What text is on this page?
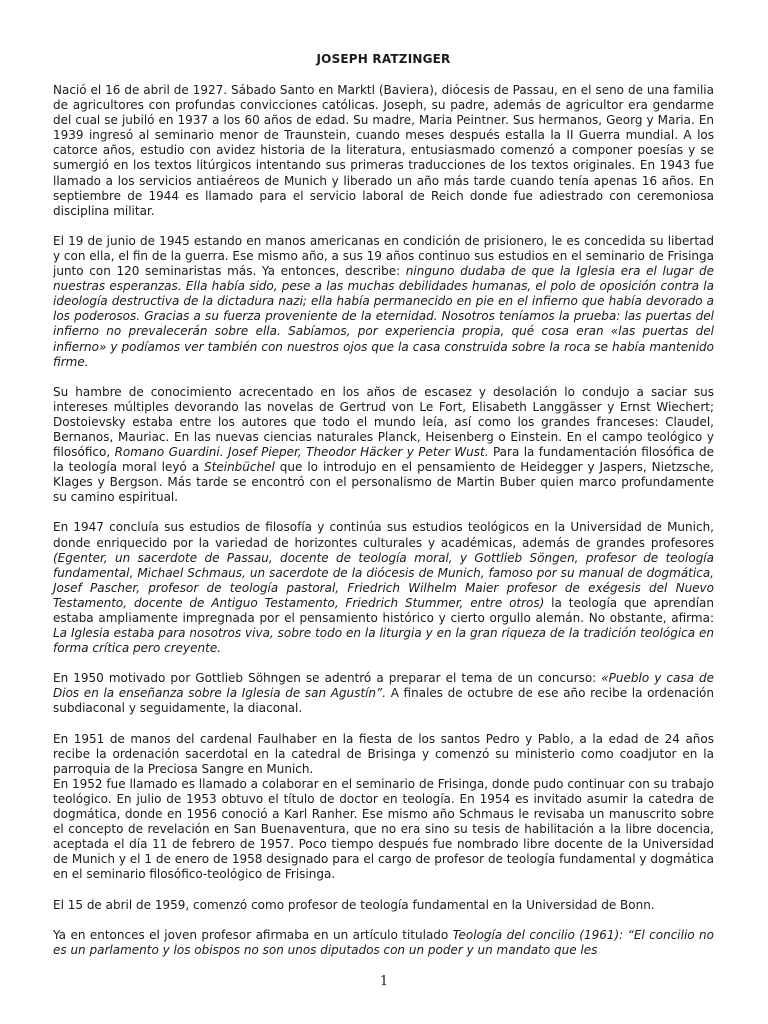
JOSEPH RATZINGER

Nació el 16 de abril de 1927. Sábado Santo en Marktl (Baviera), diócesis de Passau, en el seno de una familia de agricultores con profundas convicciones católicas. Joseph, su padre, además de agricultor era gendarme del cual se jubiló en 1937 a los 60 años de edad. Su madre, Maria Peintner. Sus hermanos, Georg y Maria. En 1939 ingresó al seminario menor de Traunstein, cuando meses después estalla la II Guerra mundial. A los catorce años, estudio con avidez historia de la literatura, entusiasmado comenzó a componer poesías y se sumergió en los textos litúrgicos intentando sus primeras traducciones de los textos originales. En 1943 fue llamado a los servicios antiaéreos de Munich y liberado un año más tarde cuando tenía apenas 16 años. En septiembre de 1944 es llamado para el servicio laboral de Reich donde fue adiestrado con ceremoniosa disciplina militar.

El 19 de junio de 1945 estando en manos americanas en condición de prisionero, le es concedida su libertad y con ella, el fin de la guerra. Ese mismo año, a sus 19 años continuo sus estudios en el seminario de Frisinga junto con 120 seminaristas más. Ya entonces, describe: ninguno dudaba de que la Iglesia era el lugar de nuestras esperanzas. Ella había sido, pese a las muchas debilidades humanas, el polo de oposición contra la ideología destructiva de la dictadura nazi; ella había permanecido en pie en el infierno que había devorado a los poderosos. Gracias a su fuerza proveniente de la eternidad. Nosotros teníamos la prueba: las puertas del infierno no prevalecerán sobre ella. Sabíamos, por experiencia propia, qué cosa eran «las puertas del infierno» y podíamos ver también con nuestros ojos que la casa construida sobre la roca se había mantenido firme.

Su hambre de conocimiento acrecentado en los años de escasez y desolación lo condujo a saciar sus intereses múltiples devorando las novelas de Gertrud von Le Fort, Elisabeth Langgässer y Ernst Wiechert; Dostoievsky estaba entre los autores que todo el mundo leía, así como los grandes franceses: Claudel, Bernanos, Mauriac. En las nuevas ciencias naturales Planck, Heisenberg o Einstein. En el campo teológico y filosófico, Romano Guardini. Josef Pieper, Theodor Häcker y Peter Wust. Para la fundamentación filosófica de la teología moral leyó a Steinbüchel que lo introdujo en el pensamiento de Heidegger y Jaspers, Nietzsche, Klages y Bergson. Más tarde se encontró con el personalismo de Martin Buber quien marco profundamente su camino espiritual.

En 1947 concluía sus estudios de filosofía y continúa sus estudios teológicos en la Universidad de Munich, donde enriquecido por la variedad de horizontes culturales y académicas, además de grandes profesores (Egenter, un sacerdote de Passau, docente de teología moral, y Gottlieb Söngen, profesor de teología fundamental, Michael Schmaus, un sacerdote de la diócesis de Munich, famoso por su manual de dogmática, Josef Pascher, profesor de teología pastoral, Friedrich Wilhelm Maier profesor de exégesis del Nuevo Testamento, docente de Antiguo Testamento, Friedrich Stummer, entre otros) la teología que aprendían estaba ampliamente impregnada por el pensamiento histórico y cierto orgullo alemán. No obstante, afirma: La Iglesia estaba para nosotros viva, sobre todo en la liturgia y en la gran riqueza de la tradición teológica en forma crítica pero creyente.

En 1950 motivado por Gottlieb Söhngen se adentró a preparar el tema de un concurso: «Pueblo y casa de Dios en la enseñanza sobre la Iglesia de san Agustín”. A finales de octubre de ese año recibe la ordenación subdiaconal y seguidamente, la diaconal.

En 1951 de manos del cardenal Faulhaber en la fiesta de los santos Pedro y Pablo, a la edad de 24 años recibe la ordenación sacerdotal en la catedral de Brisinga y comenzó su ministerio como coadjutor en la parroquia de la Preciosa Sangre en Munich.

En 1952 fue llamado es llamado a colaborar en el seminario de Frisinga, donde pudo continuar con su trabajo teológico. En julio de 1953 obtuvo el título de doctor en teología. En 1954 es invitado asumir la catedra de dogmática, donde en 1956 conoció a Karl Ranher. Ese mismo año Schmaus le revisaba un manuscrito sobre el concepto de revelación en San Buenaventura, que no era sino su tesis de habilitación a la libre docencia, aceptada el día 11 de febrero de 1957. Poco tiempo después fue nombrado libre docente de la Universidad de Munich y el 1 de enero de 1958 designado para el cargo de profesor de teología fundamental y dogmática en el seminario filosófico-teológico de Frisinga.

El 15 de abril de 1959, comenzó como profesor de teología fundamental en la Universidad de Bonn.

Ya en entonces el joven profesor afirmaba en un artículo titulado Teología del concilio (1961): “El concilio no es un parlamento y los obispos no son unos diputados con un poder y un mandato que les

1
